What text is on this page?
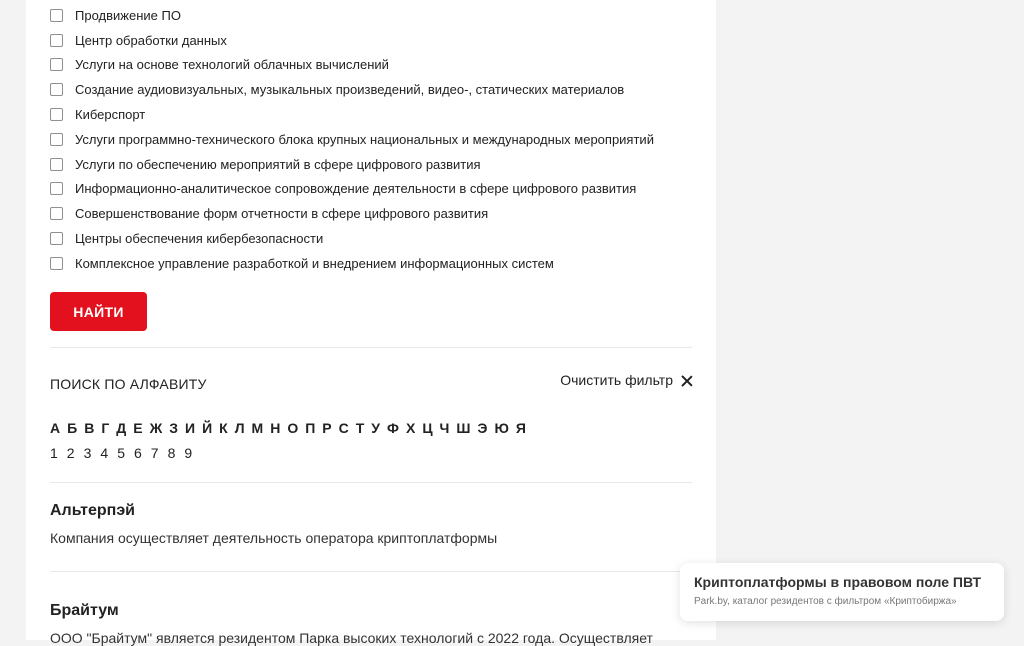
Продвижение ПО
Центр обработки данных
Услуги на основе технологий облачных вычислений
Создание аудиовизуальных, музыкальных произведений, видео-, статических материалов
Киберспорт
Услуги программно-технического блока крупных национальных и международных мероприятий
Услуги по обеспечению мероприятий в сфере цифрового развития
Информационно-аналитическое сопровождение деятельности в сфере цифрового развития
Совершенствование форм отчетности в сфере цифрового развития
Центры обеспечения кибербезопасности
Комплексное управление разработкой и внедрением информационных систем
НАЙТИ
ПОИСК ПО АЛФАВИТУ	Очистить фильтр
А Б В Г Д Е Ж З И Й К Л М Н О П Р С Т У Ф Х Ц Ч Ш Э Ю Я
1 2 3 4 5 6 7 8 9
Альтерпэй
Компания осуществляет деятельность оператора криптоплатформы
Брайтум
ООО "Брайтум" является резидентом Парка высоких технологий с 2022 года. Осуществляет
Криптоплатформы в правовом поле ПВТ
Park.by, каталог резидентов с фильтром «Криптобиржа»
